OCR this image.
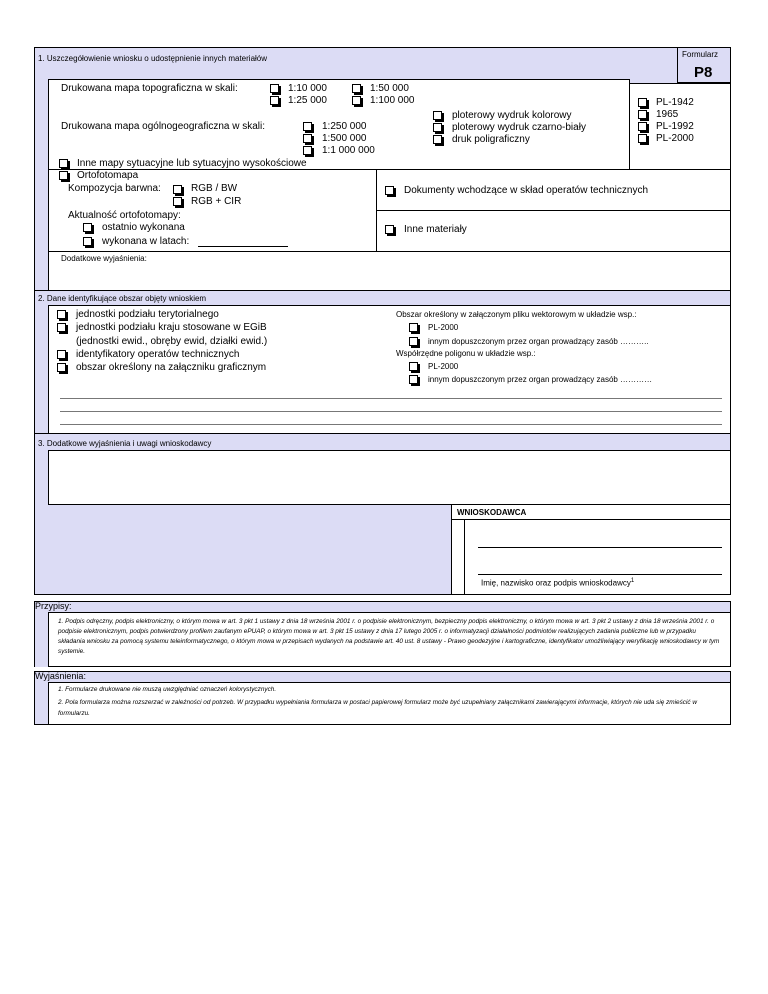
1. Uszczegółowienie wniosku o udostępnienie innych materiałów	Formularz
P8
Drukowana mapa topograficzna w skali:	1:10 000
1:25 000
1:50 000
1:100 000
ploterowy wydruk kolorowy
ploterowy wydruk czarno-biały
druk poligraficzny
PL-1942
1965
PL-1992
PL-2000
Drukowana mapa ogólnogeograficzna w skali:	1:250 000
1:500 000
1:1 000 000
Inne mapy sytuacyjne lub sytuacyjno wysokościowe
Ortofotomapa
Kompozycja barwna:	RGB / BW
RGB + CIR
Aktualność ortofotomapy:
ostatnio wykonana
wykonana w latach:
Dokumenty wchodzące w skład operatów technicznych
Inne materiały
Dodatkowe wyjaśnienia:
2. Dane identyfikujące obszar objęty wnioskiem
jednostki podziału terytorialnego
jednostki podziału kraju stosowane w EGiB
(jednostki ewid., obręby ewid, działki ewid.)
identyfikatory operatów technicznych
obszar określony na załączniku graficznym
Obszar określony w załączonym pliku wektorowym w układzie wsp.:
PL-2000
innym dopuszczonym przez organ prowadzący zasób ………..
Współrzędne poligonu w układzie wsp.:
PL-2000
innym dopuszczonym przez organ prowadzący zasób …………
3. Dodatkowe wyjaśnienia i uwagi wnioskodawcy
WNIOSKODAWCA
Imię, nazwisko oraz podpis wnioskodawcy$^1$
Przypisy:
1. Podpis odręczny, podpis elektroniczny, o którym mowa w art. 3 pkt 1 ustawy z dnia 18 września 2001 r. o podpisie elektronicznym, bezpieczny podpis elektroniczny, o którym mowa w art. 3 pkt 2 ustawy z dnia 18 września 2001 r. o podpisie elektronicznym, podpis potwierdzony profilem zaufanym ePUAP, o którym mowa w art. 3 pkt 15 ustawy z dnia 17 lutego 2005 r. o informatyzacji działalności podmiotów realizujących zadania publiczne lub w przypadku składania wniosku za pomocą systemu teleinformatycznego, o którym mowa w przepisach wydanych na podstawie art. 40 ust. 8 ustawy - Prawo geodezyjne i kartograficzne, identyfikator umożliwiający weryfikację wnioskodawcy w tym systemie.
Wyjaśnienia:
1. Formularze drukowane nie muszą uwzględniać oznaczeń kolorystycznych.
2. Pola formularza można rozszerzać w zależności od potrzeb. W przypadku wypełniania formularza w postaci papierowej formularz może być uzupełniany załącznikami zawierającymi informacje, których nie uda się zmieścić w formularzu.
